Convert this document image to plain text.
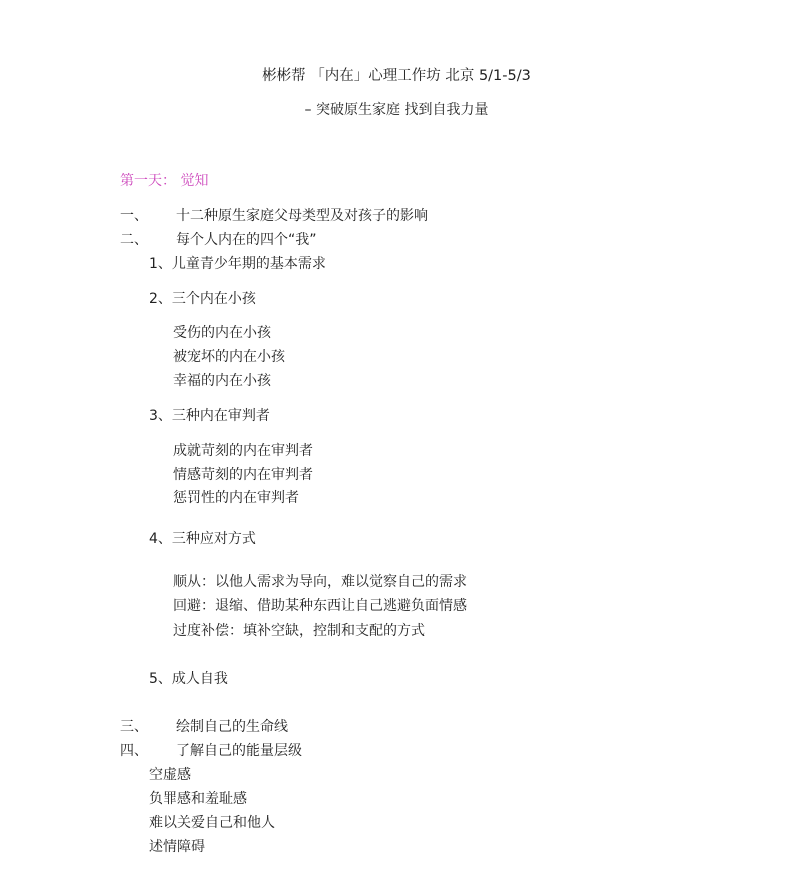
彬彬帮 「内在」心理工作坊 北京 5/1-5/3
– 突破原生家庭 找到自我力量
第一天： 觉知
一、 十二种原生家庭父母类型及对孩子的影响
二、 每个人内在的四个“我”
1、儿童青少年期的基本需求
2、三个内在小孩
受伤的内在小孩
被宠坏的内在小孩
幸福的内在小孩
3、三种内在审判者
成就苛刻的内在审判者
情感苛刻的内在审判者
惩罚性的内在审判者
4、三种应对方式
顺从：以他人需求为导向，难以觉察自己的需求
回避：退缩、借助某种东西让自己逃避负面情感
过度补偿：填补空缺，控制和支配的方式
5、成人自我
三、 绘制自己的生命线
四、 了解自己的能量层级
空虚感
负罪感和羞耻感
难以关爱自己和他人
述情障碍
